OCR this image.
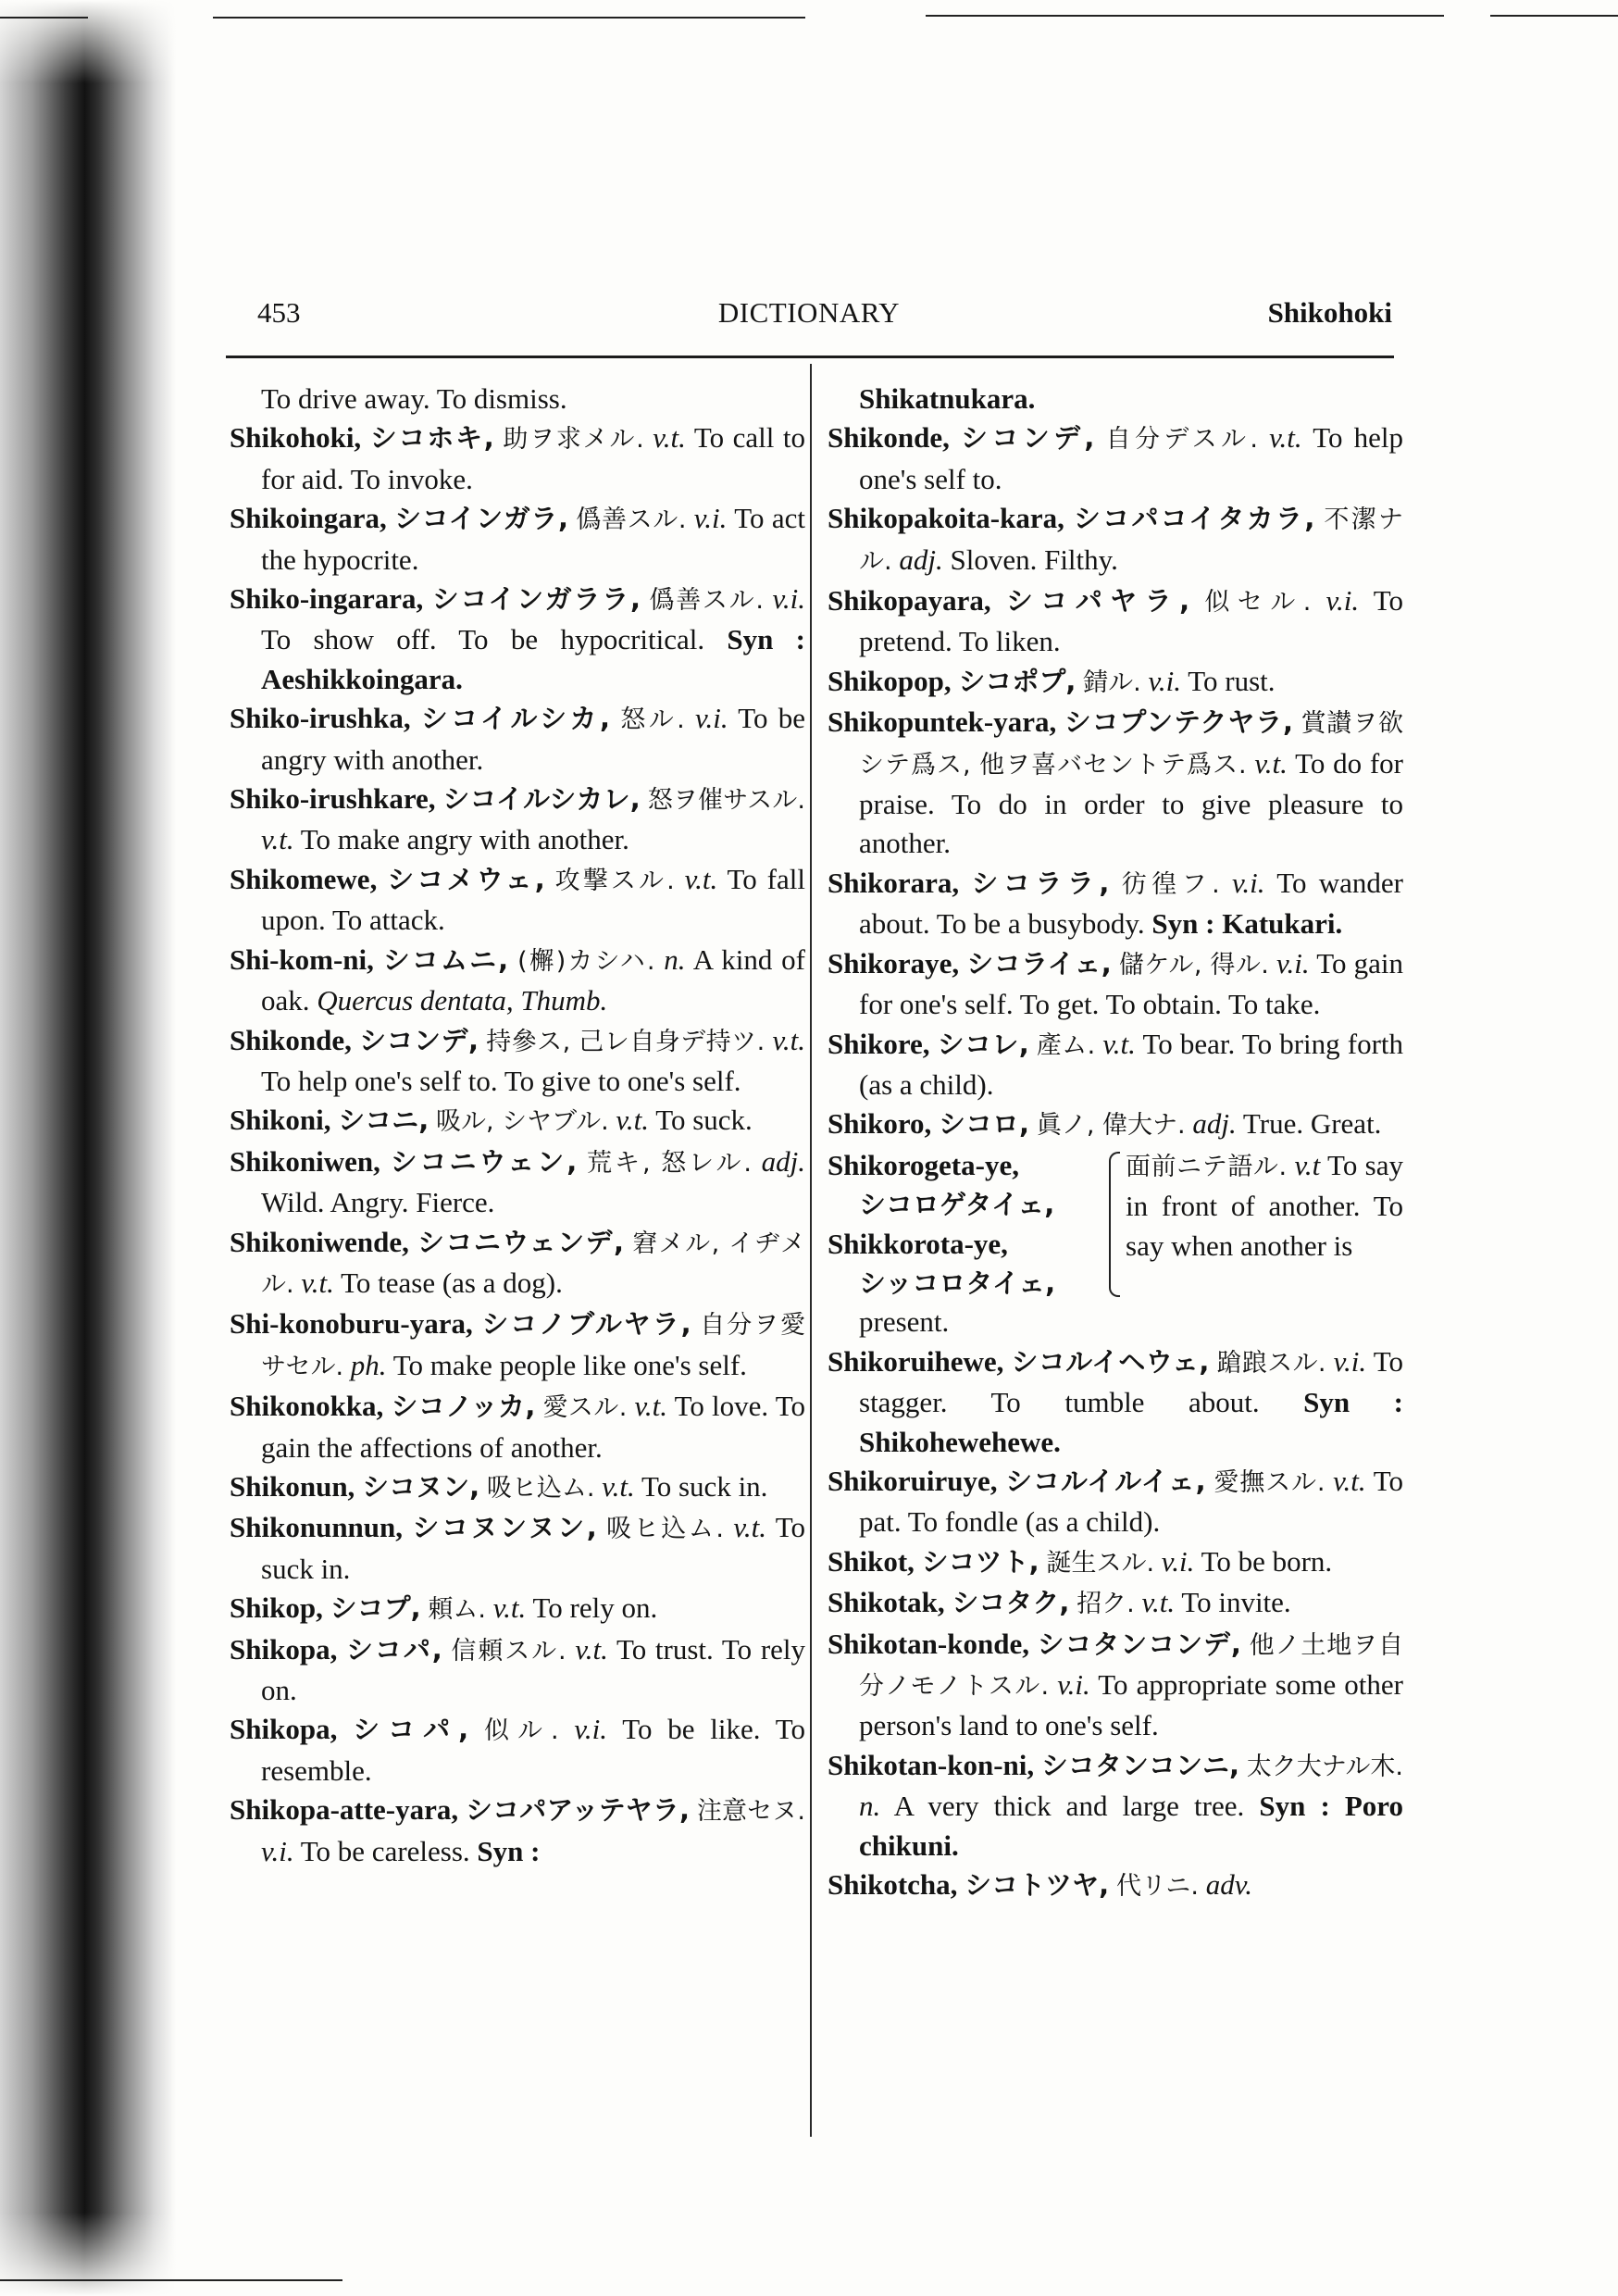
453	DICTIONARY	Shikohoki
To drive away. To dismiss.
Shikohoki, シコホキ, 助ヲ求メル. v.t. To call to for aid. To invoke.
Shikoingara, シコインガラ, 僞善スル. v.i. To act the hypocrite.
Shiko-ingarara, シコインガララ, 僞善スル. v.i. To show off. To be hypocritical. Syn : Aeshikkoingara.
Shiko-irushka, シコイルシカ, 怒ル. v.i. To be angry with another.
Shiko-irushkare, シコイルシカレ, 怒ヲ催サスル. v.t. To make angry with another.
Shikomewe, シコメウェ, 攻撃スル. v.t. To fall upon. To attack.
Shi-kom-ni, シコムニ, (檞)カシハ. n. A kind of oak. Quercus dentata, Thumb.
Shikonde, シコンデ, 持參ス, 己レ自身デ持ツ. v.t. To help one's self to. To give to one's self.
Shikoni, シコニ, 吸ル, シヤブル. v.t. To suck.
Shikoniwen, シコニウェン, 荒キ, 怒レル. adj. Wild. Angry. Fierce.
Shikoniwende, シコニウェンデ, 窘メル, イヂメル. v.t. To tease (as a dog).
Shi-konoburu-yara, シコノブルヤラ, 自分ヲ愛サセル. ph. To make people like one's self.
Shikonokka, シコノッカ, 愛スル. v.t. To love. To gain the affections of another.
Shikonun, シコヌン, 吸ヒ込ム. v.t. To suck in.
Shikonunnun, シコヌンヌン, 吸ヒ込ム. v.t. To suck in.
Shikop, シコプ, 頼ム. v.t. To rely on.
Shikopa, シコパ, 信頼スル. v.t. To trust. To rely on.
Shikopa, シコパ, 似ル. v.i. To be like. To resemble.
Shikopa-atte-yara, シコパアッテヤラ, 注意セヌ. v.i. To be careless. Syn :
Shikatnukara.
Shikonde, シコンデ, 自分デスル. v.t. To help one's self to.
Shikopakoita-kara, シコパコイタカラ, 不潔ナル. adj. Sloven. Filthy.
Shikopayara, シコパヤラ, 似セル. v.i. To pretend. To liken.
Shikopop, シコポプ, 錆ル. v.i. To rust.
Shikopuntek-yara, シコプンテクヤラ, 賞讃ヲ欲シテ爲ス, 他ヲ喜バセントテ爲ス. v.t. To do for praise. To do in order to give pleasure to another.
Shikorara, シコララ, 彷徨フ. v.i. To wander about. To be a busybody. Syn : Katukari.
Shikoraye, シコライェ, 儲ケル, 得ル. v.i. To gain for one's self. To get. To obtain. To take.
Shikore, シコレ, 產ム. v.t. To bear. To bring forth (as a child).
Shikoro, シコロ, 眞ノ, 偉大ナ. adj. True. Great.
Shikorogeta-ye,
シコロゲタイェ,
Shikkorota-ye,
シッコロタイェ,
面前ニテ語ル. v.t To say in front of another. To say when another is
present.
Shikoruihewe, シコルイヘウェ, 蹌踉スル. v.i. To stagger. To tumble about. Syn : Shikohewehewe.
Shikoruiruye, シコルイルイェ, 愛撫スル. v.t. To pat. To fondle (as a child).
Shikot, シコツト, 誕生スル. v.i. To be born.
Shikotak, シコタク, 招ク. v.t. To invite.
Shikotan-konde, シコタンコンデ, 他ノ土地ヲ自分ノモノトスル. v.i. To appropriate some other person's land to one's self.
Shikotan-kon-ni, シコタンコンニ, 太ク大ナル木. n. A very thick and large tree. Syn : Poro chikuni.
Shikotcha, シコトツヤ, 代リニ. adv.
